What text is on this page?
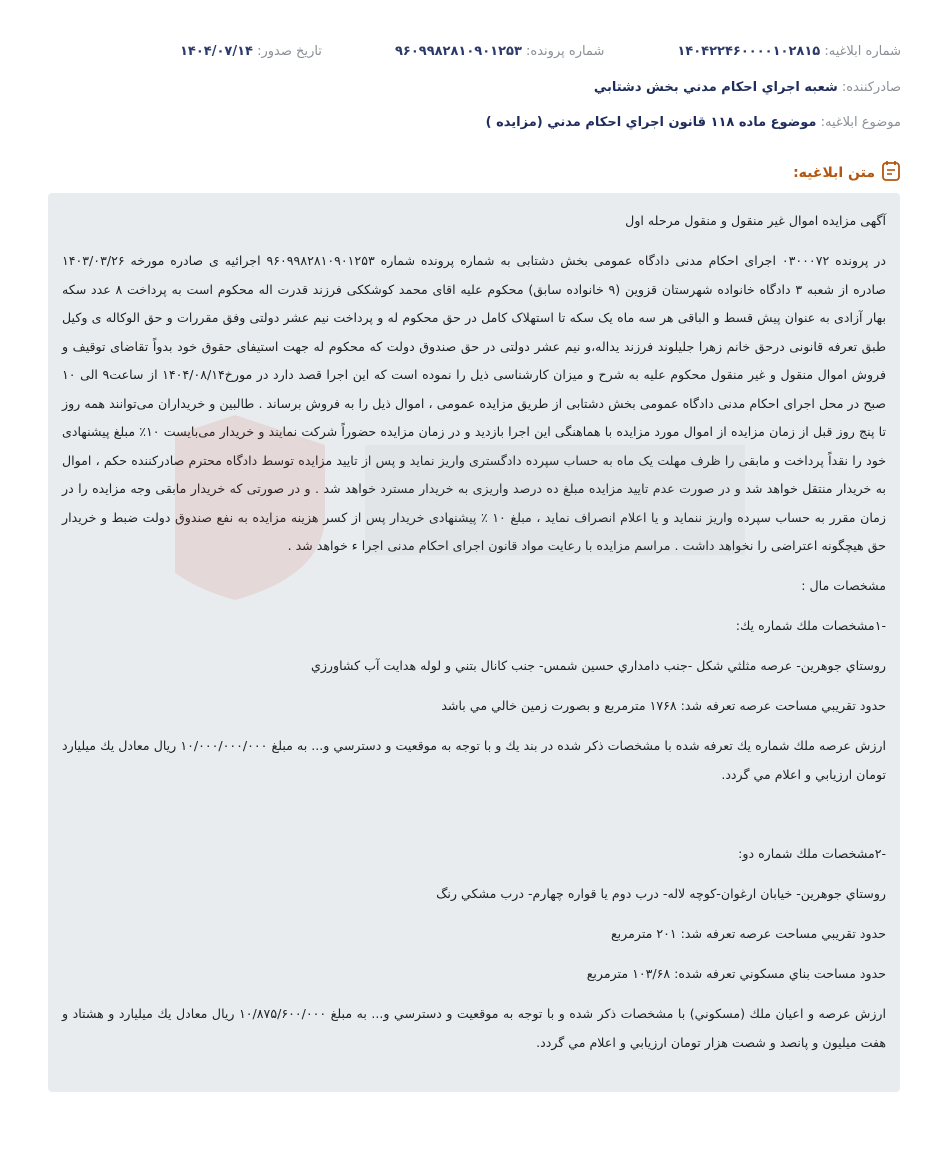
شماره ابلاغیه: ۱۴۰۴۲۲۴۶۰۰۰۰۱۰۲۸۱۵
شماره پرونده: ۹۶۰۹۹۸۲۸۱۰۹۰۱۲۵۳
تاریخ صدور: ۱۴۰۴/۰۷/۱۴
صادرکننده: شعبه اجراي احكام مدني بخش دشتابي
موضوع ابلاغیه: موضوع ماده ۱۱۸ قانون اجراي احكام مدني (مزايده )
متن ابلاغیه:

آگهی مزایده اموال غیر منقول و منقول مرحله اول

در پرونده ۰۳۰۰۰۷۲ اجرای احکام مدنی دادگاه عمومی بخش دشتابی به شماره پرونده شماره ۹۶۰۹۹۸۲۸۱۰۹۰۱۲۵۳ اجرائیه ی صادره مورخه ۱۴۰۳/۰۳/۲۶ صادره از شعبه ۳ دادگاه خانواده شهرستان قزوین (۹ خانواده سابق) محکوم علیه اقای محمد کوشککی فرزند قدرت اله محکوم است به پرداخت ۸ عدد سکه بهار آزادی به عنوان پیش قسط و الباقی هر سه ماه یک سکه تا استهلاک کامل در حق محکوم له و پرداخت نیم عشر دولتی وفق مقررات و حق الوکاله ی وکیل طبق تعرفه قانونی درحق خانم زهرا جلیلوند فرزند یداله،و نیم عشر دولتی در حق صندوق دولت که محکوم له جهت استیفای حقوق خود بدواً تقاضای توقیف و فروش اموال منقول و غیر منقول محکوم علیه به شرح و میزان کارشناسی ذیل را نموده است که این اجرا قصد دارد در مورخ۱۴۰۴/۰۸/۱۴ از ساعت۹ الی ۱۰ صبح در محل اجرای احکام مدنی دادگاه عمومی بخش دشتابی از طریق مزایده عمومی ، اموال ذیل را به فروش برساند . طالبین و خریداران می‌توانند همه روز تا پنج روز قبل از زمان مزایده از اموال مورد مزایده با هماهنگی این اجرا بازدید و در زمان مزایده حضوراً شرکت نمایند و خریدار می‌بایست ۱۰٪ مبلغ پیشنهادی خود را نقداً پرداخت و مابقی را ظرف مهلت یک ماه به حساب سپرده دادگستری واریز نماید و پس از تایید مزایده توسط دادگاه محترم صادرکننده حکم ، اموال به خریدار منتقل خواهد شد و در صورت عدم تایید مزایده مبلغ ده درصد واریزی به خریدار مسترد خواهد شد . و در صورتی که خریدار مابقی وجه مزایده را در زمان مقرر به حساب سپرده واریز ننماید و یا اعلام انصراف نماید ، مبلغ ۱۰ ٪ پیشنهادی خریدار پس از کسر هزینه مزایده به نفع صندوق دولت ضبط و خریدار حق هیچگونه اعتراضی را نخواهد داشت . مراسم مزایده با رعایت مواد قانون اجرای احکام مدنی اجرا ء خواهد شد .

مشخصات مال :

-۱مشخصات ملك شماره يك:

روستاي جوهرين- عرصه مثلثي شكل -جنب دامداري حسين شمس- جنب كانال بتني و لوله هدايت آب كشاورزي

حدود تقريبي مساحت عرصه تعرفه شد: ۱۷۶۸ مترمربع و بصورت زمين خالي مي باشد

ارزش عرصه ملك شماره يك تعرفه شده با مشخصات ذكر شده در بند يك و با توجه به موقعيت و دسترسي و... به مبلغ ۱۰/۰۰۰/۰۰۰/۰۰۰ ريال معادل يك ميليارد تومان ارزيابي و اعلام مي گردد.

-۲مشخصات ملك شماره دو:

روستاي جوهرين- خيابان ارغوان-كوچه لاله- درب دوم يا قواره چهارم- درب مشكي رنگ

حدود تقريبي مساحت عرصه تعرفه شد: ۲۰۱ مترمربع

حدود مساحت بناي مسكوني تعرفه شده: ۱۰۳/۶۸ مترمربع

ارزش عرصه و اعيان ملك (مسكوني) با مشخصات ذكر شده و با توجه به موقعيت و دسترسي و... به مبلغ ۱۰/۸۷۵/۶۰۰/۰۰۰ ريال معادل يك ميليارد و هشتاد و هفت ميليون و پانصد و شصت هزار تومان ارزيابي و اعلام مي گردد.
